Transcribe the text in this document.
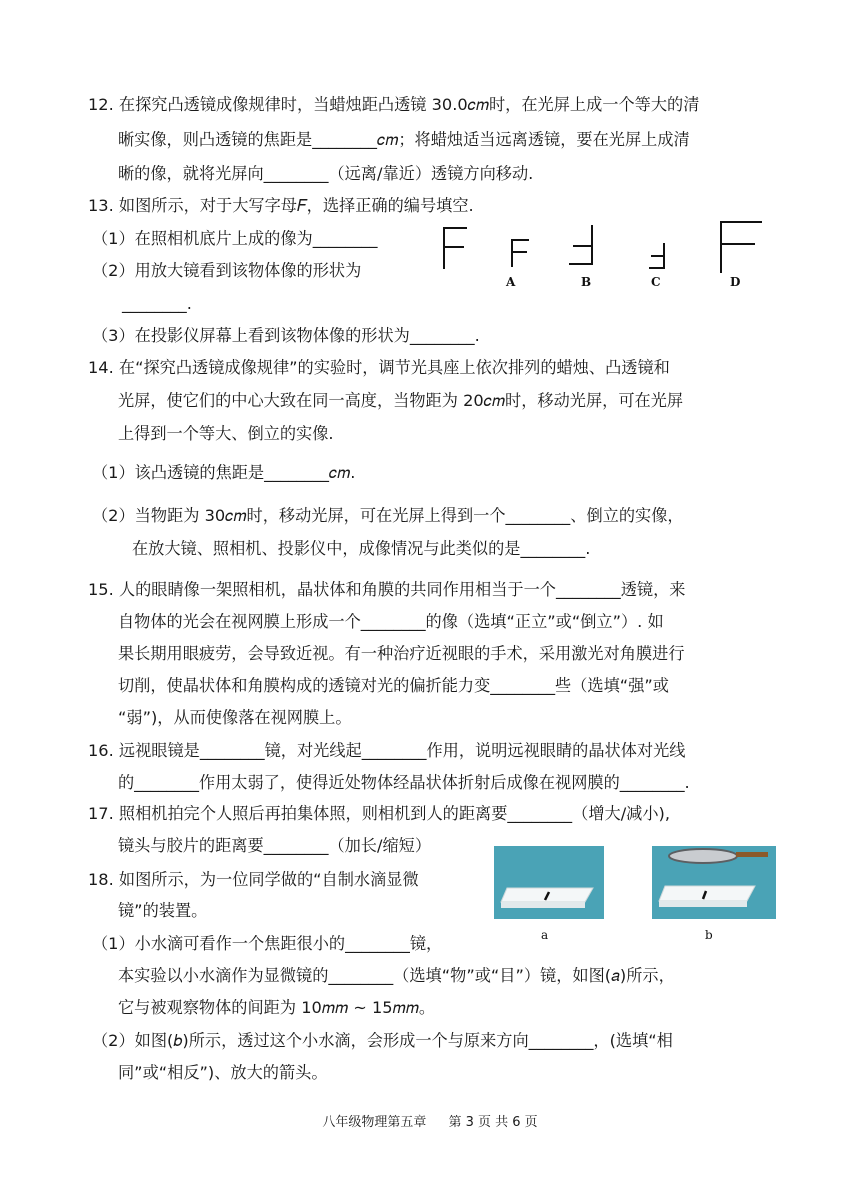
12. 在探究凸透镜成像规律时，当蜡烛距凸透镜 30.0𝑐𝑚时，在光屏上成一个等大的清
晰实像，则凸透镜的焦距是________𝑐𝑚；将蜡烛适当远离透镜，要在光屏上成清
晰的像，就将光屏向________（远离/靠近）透镜方向移动.
13. 如图所示，对于大写字母𝐹，选择正确的编号填空.
（1）在照相机底片上成的像为________
（2）用放大镜看到该物体像的形状为
________.
（3）在投影仪屏幕上看到该物体像的形状为________.
A	B	C	D
14. 在“探究凸透镜成像规律”的实验时，调节光具座上依次排列的蜡烛、凸透镜和
光屏，使它们的中心大致在同一高度，当物距为 20𝑐𝑚时，移动光屏，可在光屏
上得到一个等大、倒立的实像.
（1）该凸透镜的焦距是________𝑐𝑚.
（2）当物距为 30𝑐𝑚时，移动光屏，可在光屏上得到一个________、倒立的实像，
在放大镜、照相机、投影仪中，成像情况与此类似的是________.
15. 人的眼睛像一架照相机，晶状体和角膜的共同作用相当于一个________透镜，来
自物体的光会在视网膜上形成一个________的像（选填“正立”或“倒立”）. 如
果长期用眼疲劳，会导致近视。有一种治疗近视眼的手术，采用激光对角膜进行
切削，使晶状体和角膜构成的透镜对光的偏折能力变________些（选填“强”或
“弱”)，从而使像落在视网膜上。
16. 远视眼镜是________镜，对光线起________作用，说明远视眼睛的晶状体对光线
的________作用太弱了，使得近处物体经晶状体折射后成像在视网膜的________.
17. 照相机拍完个人照后再拍集体照，则相机到人的距离要________（增大/减小),
镜头与胶片的距离要________（加长/缩短）
18. 如图所示，为一位同学做的“自制水滴显微
镜”的装置。
（1）小水滴可看作一个焦距很小的________镜，
本实验以小水滴作为显微镜的________（选填“物”或“目”）镜，如图(𝑎)所示，
它与被观察物体的间距为 10𝑚𝑚 ∼ 15𝑚𝑚。
（2）如图(𝑏)所示，透过这个小水滴，会形成一个与原来方向________，(选填“相
同”或“相反”)、放大的箭头。
a	b
八年级物理第五章 第 3 页 共 6 页
